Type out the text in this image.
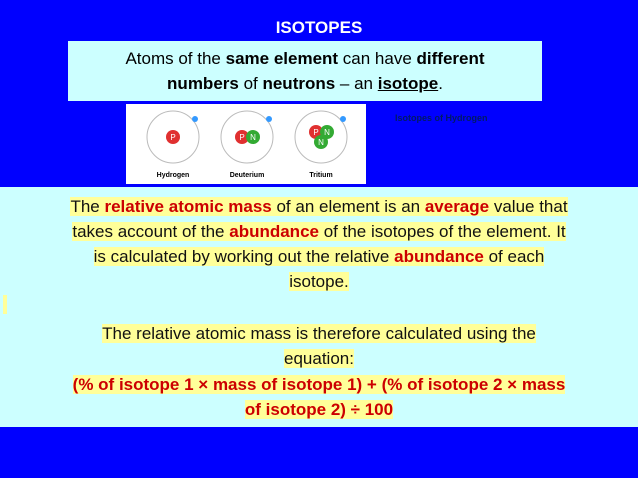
ISOTOPES
Atoms of the same element can have different
numbers of neutrons – an isotope.
P
Hydrogen
P N
Deuterium
P N
N
Tritium
Isotopes of Hydrogen
The relative atomic mass of an element is an average value that
takes account of the abundance of the isotopes of the element. It
is calculated by working out the relative abundance of each
isotope.
The relative atomic mass is therefore calculated using the
equation:
(% of isotope 1 × mass of isotope 1) + (% of isotope 2 × mass
of isotope 2) ÷ 100
